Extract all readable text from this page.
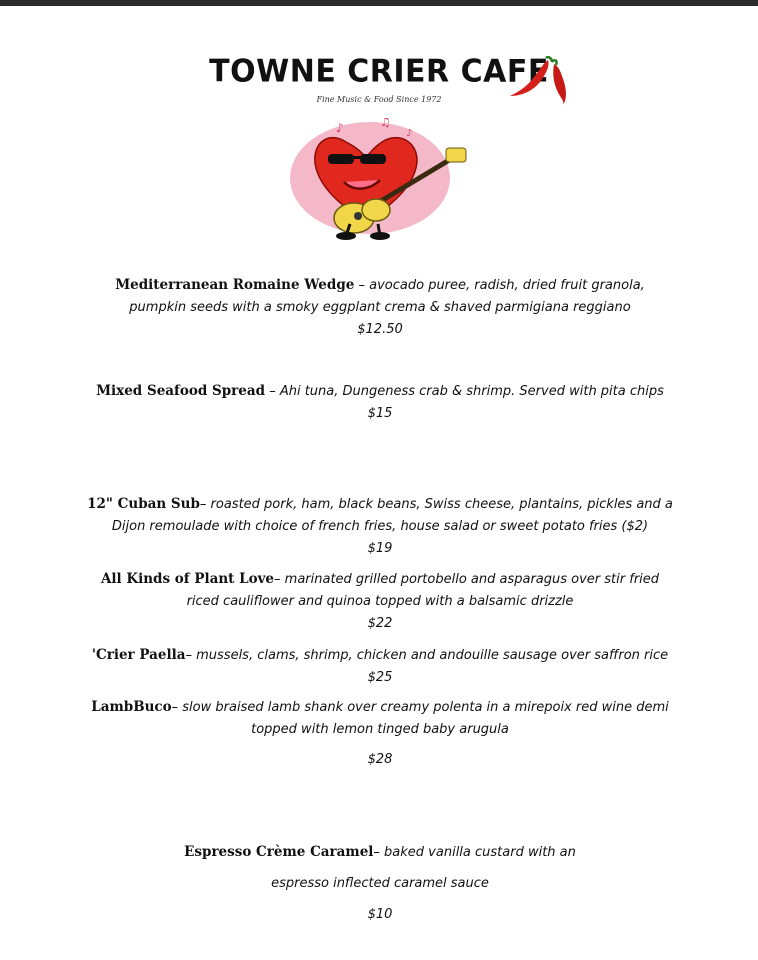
TOWNE CRIER CAFE
Fine Music & Food Since 1972
♪	♫
♪
Mediterranean Romaine Wedge – avocado puree, radish, dried fruit granola,
pumpkin seeds with a smoky eggplant crema & shaved parmigiana reggiano
$12.50
Mixed Seafood Spread – Ahi tuna, Dungeness crab & shrimp. Served with pita chips
$15
12" Cuban Sub– roasted pork, ham, black beans, Swiss cheese, plantains, pickles and a
Dijon remoulade with choice of french fries, house salad or sweet potato fries ($2)
$19
All Kinds of Plant Love– marinated grilled portobello and asparagus over stir fried
riced cauliflower and quinoa topped with a balsamic drizzle
$22
'Crier Paella– mussels, clams, shrimp, chicken and andouille sausage over saffron rice
$25
LambBuco– slow braised lamb shank over creamy polenta in a mirepoix red wine demi
topped with lemon tinged baby arugula
$28
Espresso Crème Caramel– baked vanilla custard with an
espresso inflected caramel sauce
$10
